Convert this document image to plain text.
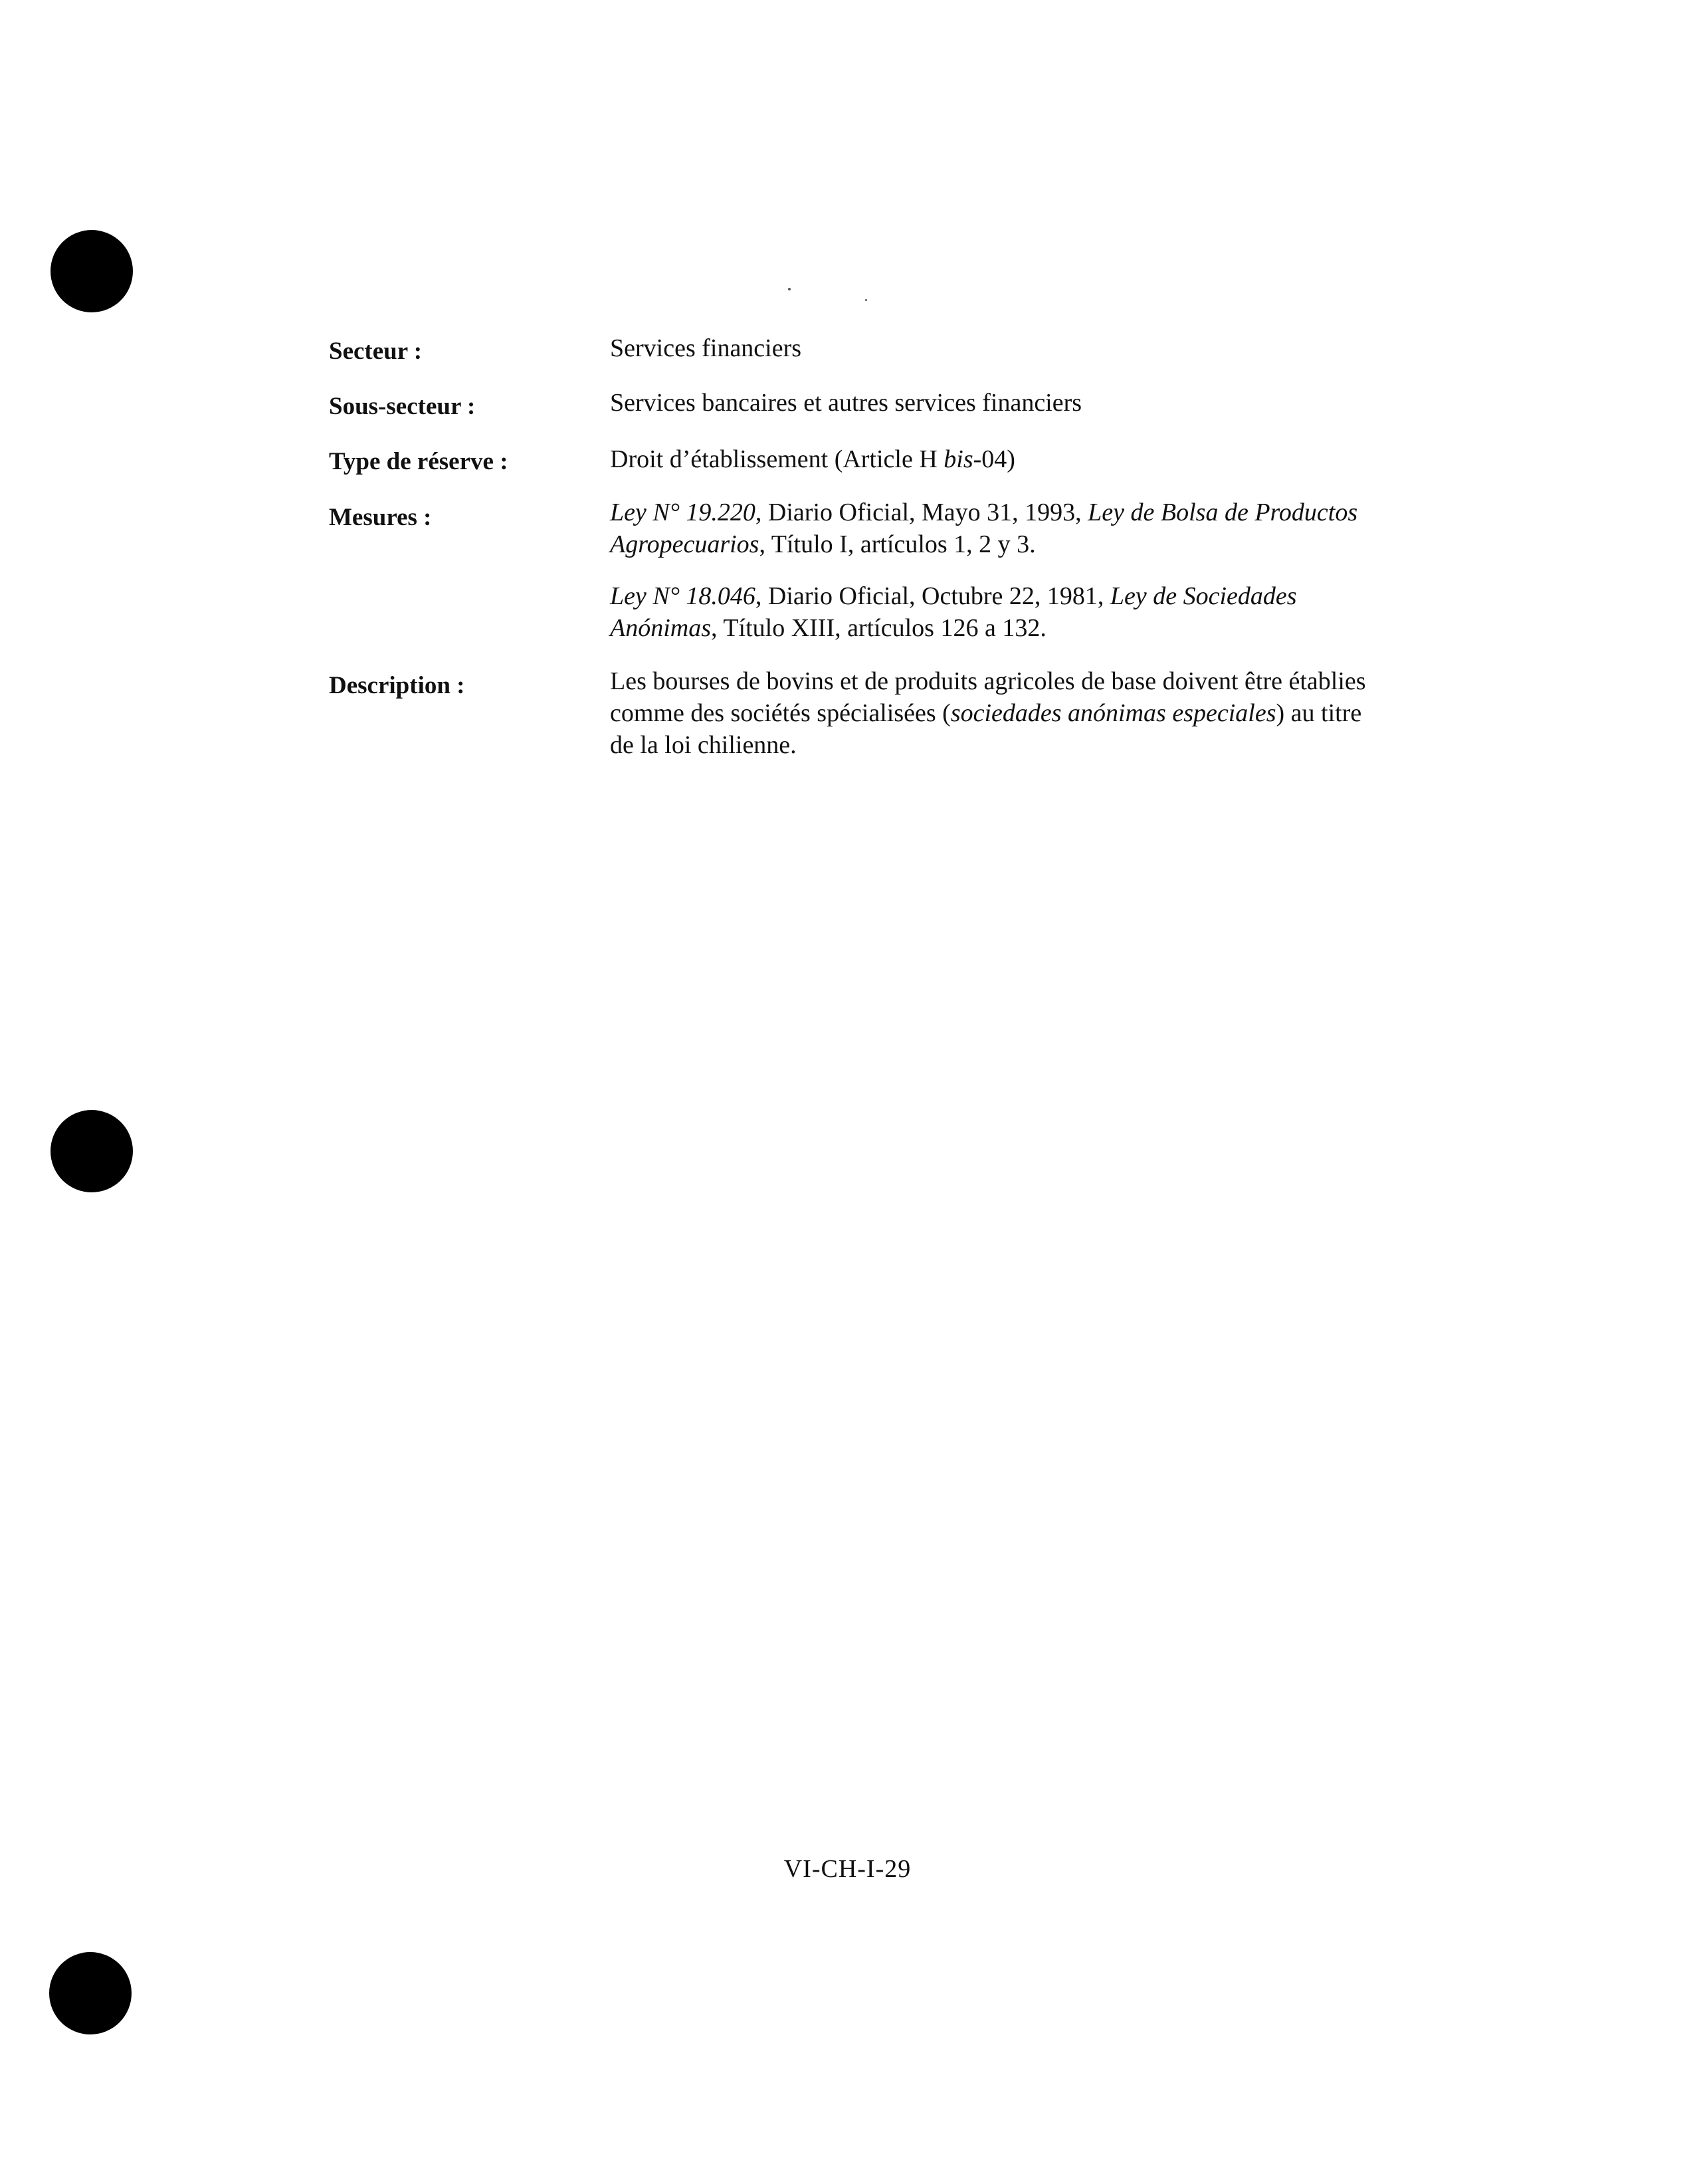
Secteur :	Services financiers
Sous-secteur :	Services bancaires et autres services financiers
Type de réserve :	Droit d’établissement (Article H bis-04)
Mesures :	Ley N° 19.220, Diario Oficial, Mayo 31, 1993, Ley de Bolsa de Productos Agropecuarios, Título I, artículos 1, 2 y 3.
Ley N° 18.046, Diario Oficial, Octubre 22, 1981, Ley de Sociedades Anónimas, Título XIII, artículos 126 a 132.
Description :	Les bourses de bovins et de produits agricoles de base doivent être établies comme des sociétés spécialisées (sociedades anónimas especiales) au titre de la loi chilienne.
VI-CH-I-29
